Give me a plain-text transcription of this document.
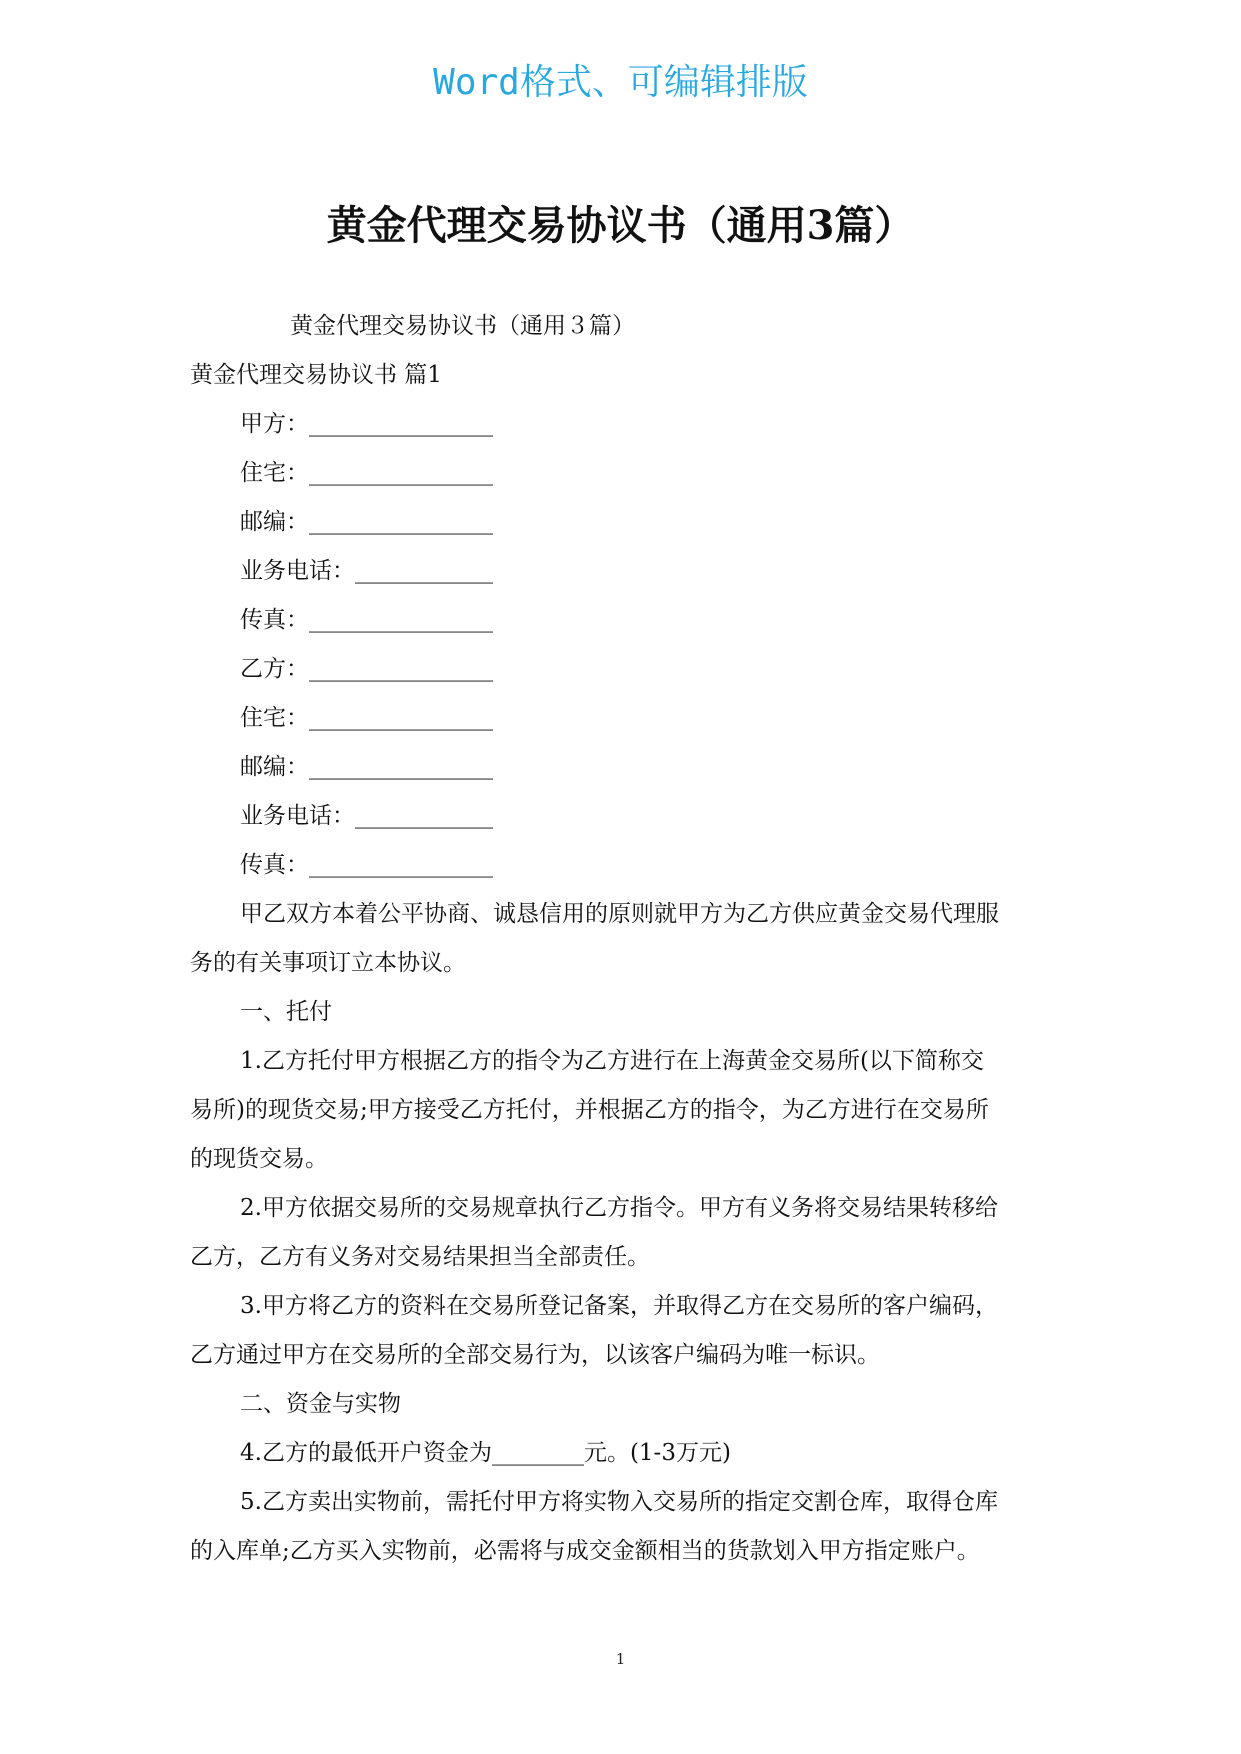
Word格式、可编辑排版
黄金代理交易协议书（通用3篇）
黄金代理交易协议书（通用３篇）
黄金代理交易协议书 篇1
甲方：________________
住宅：________________
邮编：________________
业务电话：____________
传真：________________
乙方：________________
住宅：________________
邮编：________________
业务电话：____________
传真：________________
甲乙双方本着公平协商、诚恳信用的原则就甲方为乙方供应黄金交易代理服
务的有关事项订立本协议。
一、托付
1.乙方托付甲方根据乙方的指令为乙方进行在上海黄金交易所(以下简称交
易所)的现货交易;甲方接受乙方托付，并根据乙方的指令，为乙方进行在交易所
的现货交易。
2.甲方依据交易所的交易规章执行乙方指令。甲方有义务将交易结果转移给
乙方，乙方有义务对交易结果担当全部责任。
3.甲方将乙方的资料在交易所登记备案，并取得乙方在交易所的客户编码，
乙方通过甲方在交易所的全部交易行为，以该客户编码为唯一标识。
二、资金与实物
4.乙方的最低开户资金为________元。(1-3万元)
5.乙方卖出实物前，需托付甲方将实物入交易所的指定交割仓库，取得仓库
的入库单;乙方买入实物前，必需将与成交金额相当的货款划入甲方指定账户。
1
